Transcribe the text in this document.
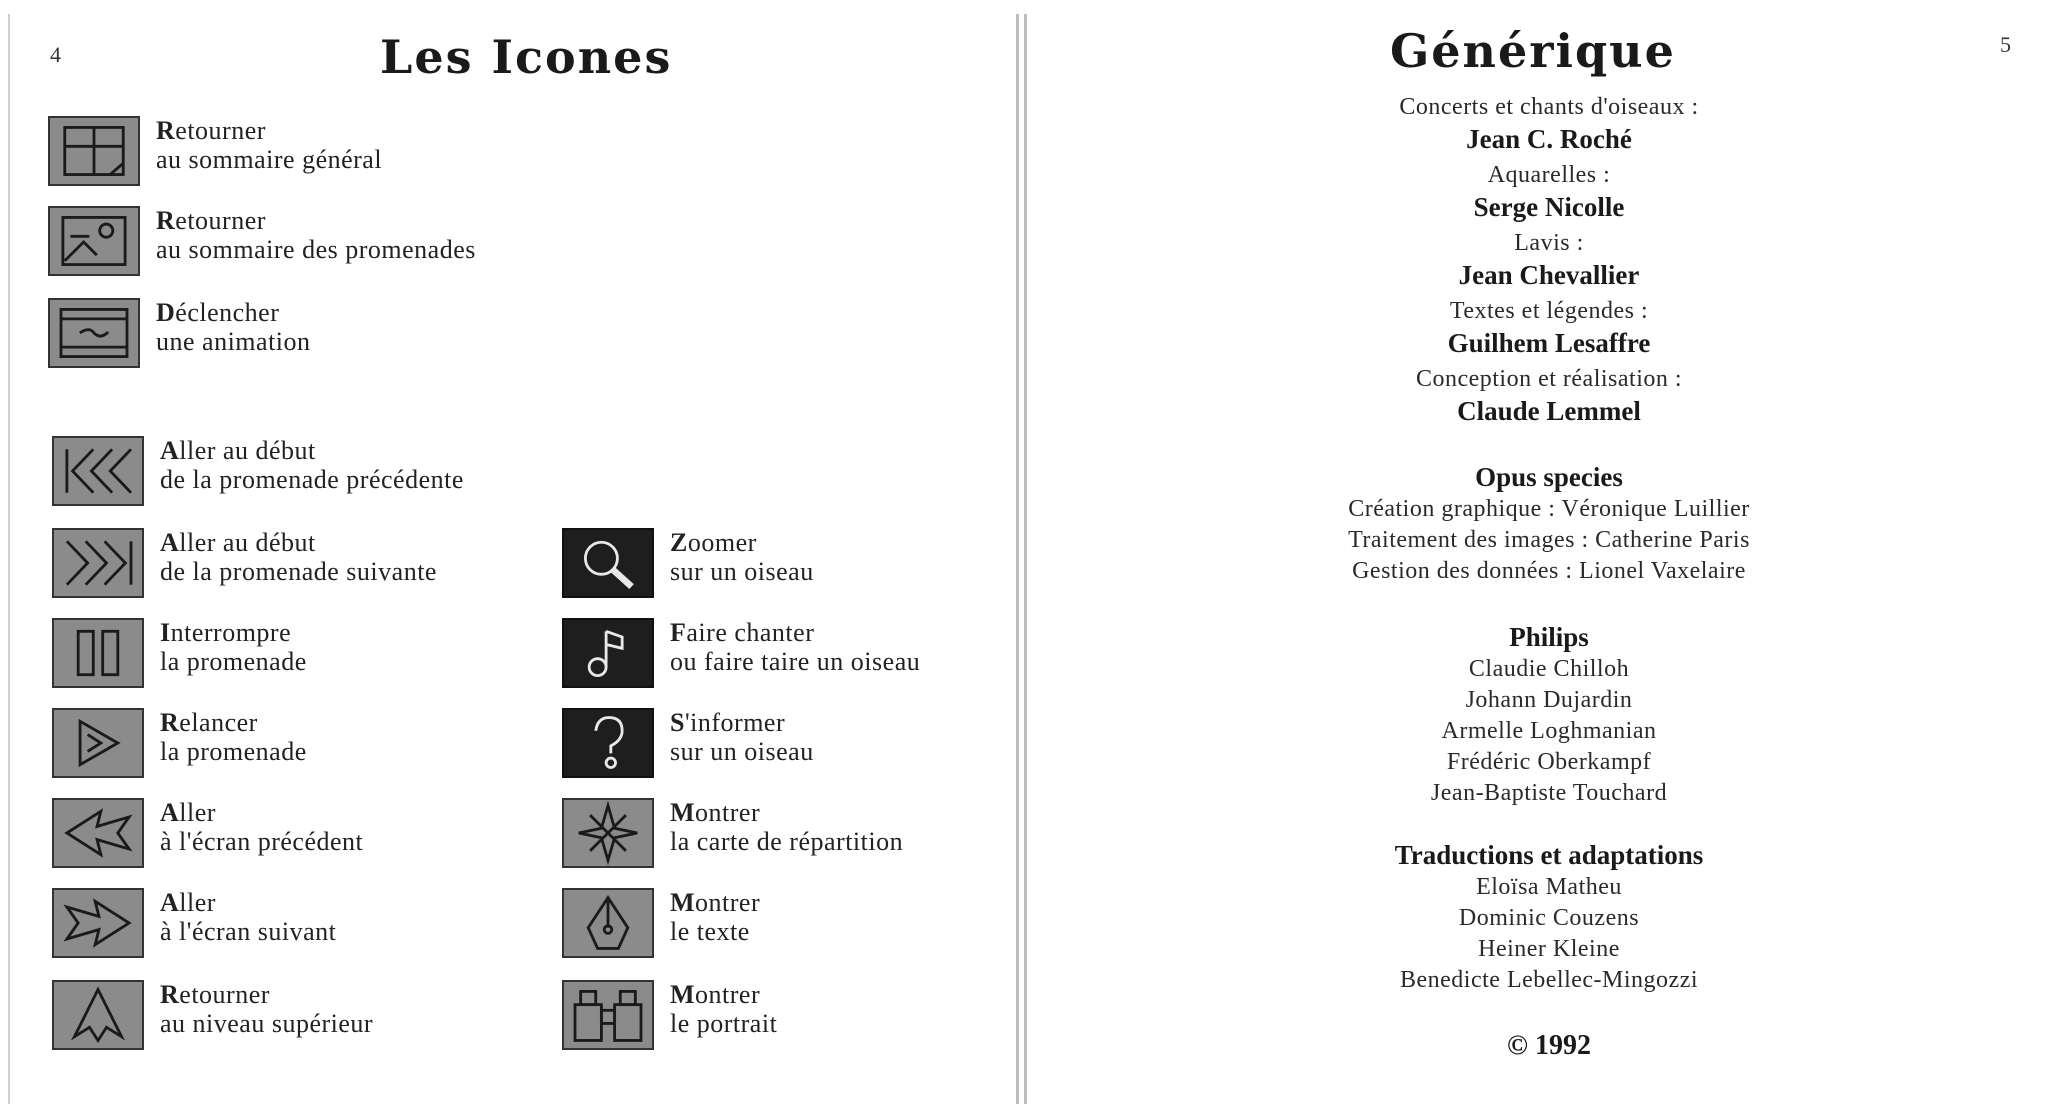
4	Les Icones
Retourner
au sommaire général
Retourner
au sommaire des promenades
Déclencher
une animation
Aller au début
de la promenade précédente
Aller au début
de la promenade suivante
Interrompre
la promenade
Relancer
la promenade
Aller
à l'écran précédent
Aller
à l'écran suivant
Retourner
au niveau supérieur
Zoomer
sur un oiseau
Faire chanter
ou faire taire un oiseau
S'informer
sur un oiseau
Montrer
la carte de répartition
Montrer
le texte
Montrer
le portrait
5
Générique
Concerts et chants d'oiseaux :
Jean C. Roché
Aquarelles :
Serge Nicolle
Lavis :
Jean Chevallier
Textes et légendes :
Guilhem Lesaffre
Conception et réalisation :
Claude Lemmel
Opus species
Création graphique : Véronique Luillier
Traitement des images : Catherine Paris
Gestion des données : Lionel Vaxelaire
Philips
Claudie Chilloh
Johann Dujardin
Armelle Loghmanian
Frédéric Oberkampf
Jean-Baptiste Touchard
Traductions et adaptations
Eloïsa Matheu
Dominic Couzens
Heiner Kleine
Benedicte Lebellec-Mingozzi
© 1992
